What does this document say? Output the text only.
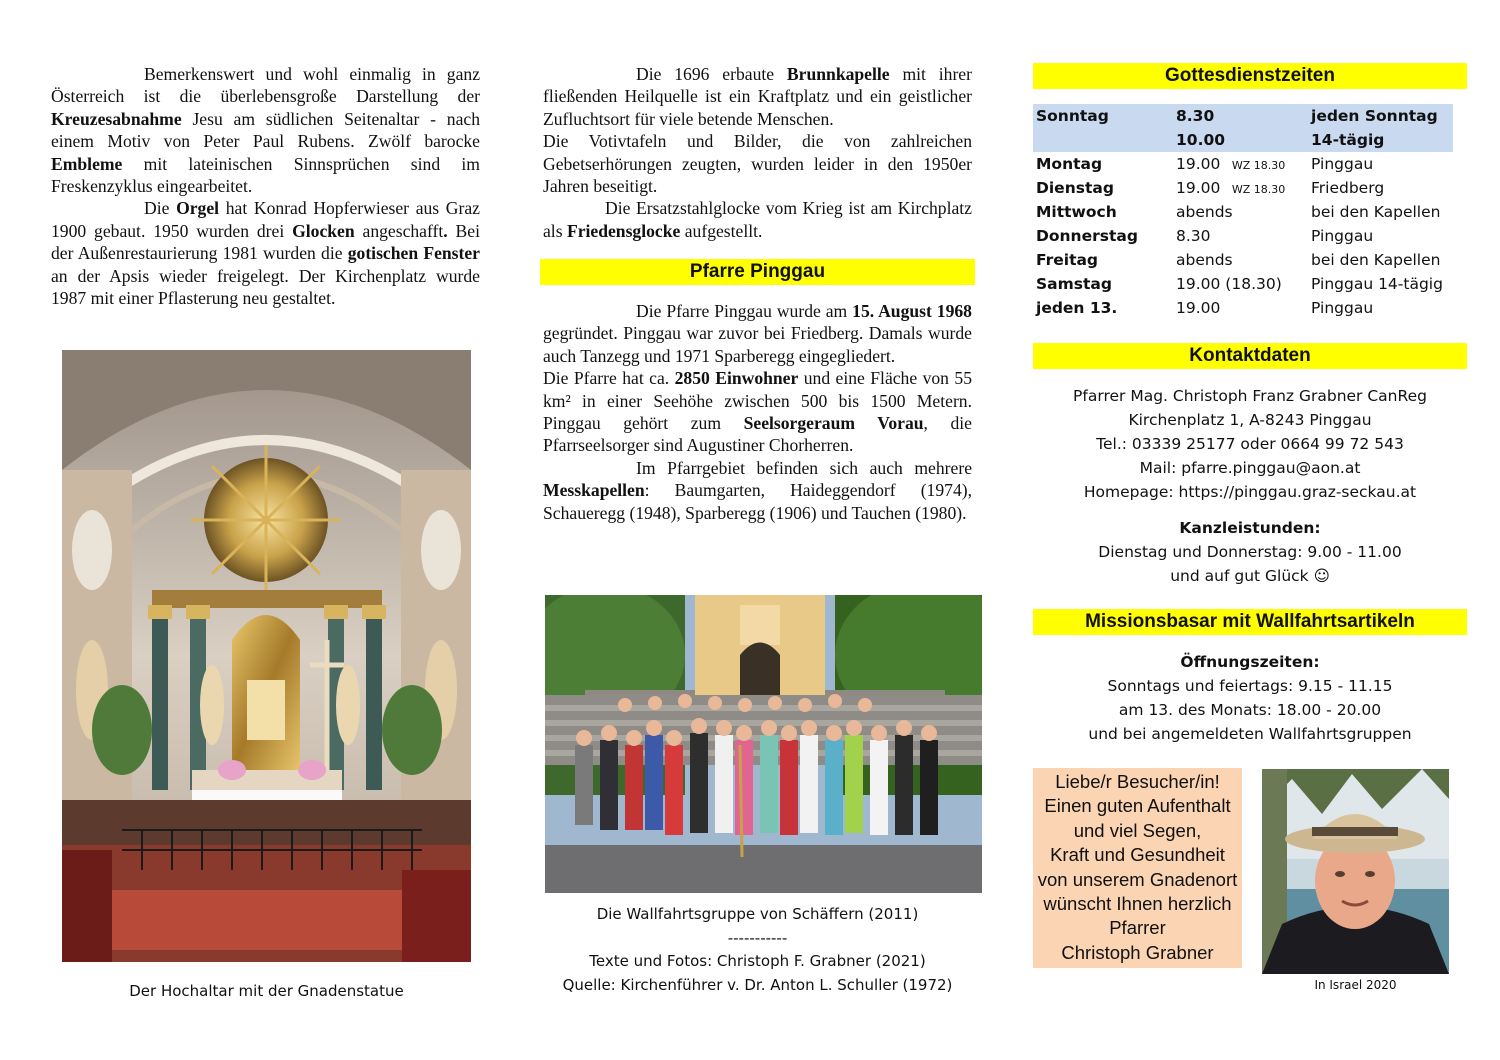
Bemerkenswert und wohl einmalig in ganz Österreich ist die überlebensgroße Darstellung der Kreuzesabnahme Jesu am südlichen Seitenaltar - nach einem Motiv von Peter Paul Rubens. Zwölf barocke Embleme mit lateinischen Sinnsprüchen sind im Freskenzyklus eingearbeitet.

Die Orgel hat Konrad Hopferwieser aus Graz 1900 gebaut. 1950 wurden drei Glocken angeschafft. Bei der Außenrestaurierung 1981 wurden die gotischen Fenster an der Apsis wieder freigelegt. Der Kirchenplatz wurde 1987 mit einer Pflasterung neu gestaltet.

Der Hochaltar mit der Gnadenstatue

Die 1696 erbaute Brunnkapelle mit ihrer fließenden Heilquelle ist ein Kraftplatz und ein geistlicher Zufluchtsort für viele betende Menschen.
Die Votivtafeln und Bilder, die von zahlreichen Gebetserhörungen zeugten, wurden leider in den 1950er Jahren beseitigt.

Die Ersatzstahlglocke vom Krieg ist am Kirchplatz als Friedensglocke aufgestellt.

Pfarre Pinggau

Die Pfarre Pinggau wurde am 15. August 1968 gegründet. Pinggau war zuvor bei Friedberg. Damals wurde auch Tanzegg und 1971 Sparberegg eingegliedert.

Die Pfarre hat ca. 2850 Einwohner und eine Fläche von 55 km² in einer Seehöhe zwischen 500 bis 1500 Metern. Pinggau gehört zum Seelsorgeraum Vorau, die Pfarrseelsorger sind Augustiner Chorherren.

Im Pfarrgebiet befinden sich auch mehrere Messkapellen: Baumgarten, Haideggendorf (1974), Schaueregg (1948), Sparberegg (1906) und Tauchen (1980).

Die Wallfahrtsgruppe von Schäffern (2011)
-----------
Texte und Fotos: Christoph F. Grabner (2021)
Quelle: Kirchenführer v. Dr. Anton L. Schuller (1972)
Gottesdienstzeiten
Sonntag	8.30	jeden Sonntag
	10.00	14-tägig
Montag	19.00 WZ 18.30	Pinggau
Dienstag	19.00 WZ 18.30	Friedberg
Mittwoch	abends	bei den Kapellen
Donnerstag	8.30	Pinggau
Freitag	abends	bei den Kapellen
Samstag	19.00 (18.30)	Pinggau 14-tägig
jeden 13.	19.00	Pinggau
Kontaktdaten
Pfarrer Mag. Christoph Franz Grabner CanReg
Kirchenplatz 1, A-8243 Pinggau
Tel.: 03339 25177 oder 0664 99 72 543
Mail: pfarre.pinggau@aon.at
Homepage: https://pinggau.graz-seckau.at
Kanzleistunden:
Dienstag und Donnerstag: 9.00 - 11.00
und auf gut Glück ☺
Missionsbasar mit Wallfahrtsartikeln
Öffnungszeiten:
Sonntags und feiertags: 9.15 - 11.15
am 13. des Monats: 18.00 - 20.00
und bei angemeldeten Wallfahrtsgruppen
Liebe/r Besucher/in!
Einen guten Aufenthalt
und viel Segen,
Kraft und Gesundheit
von unserem Gnadenort
wünscht Ihnen herzlich
Pfarrer
Christoph Grabner
In Israel 2020
